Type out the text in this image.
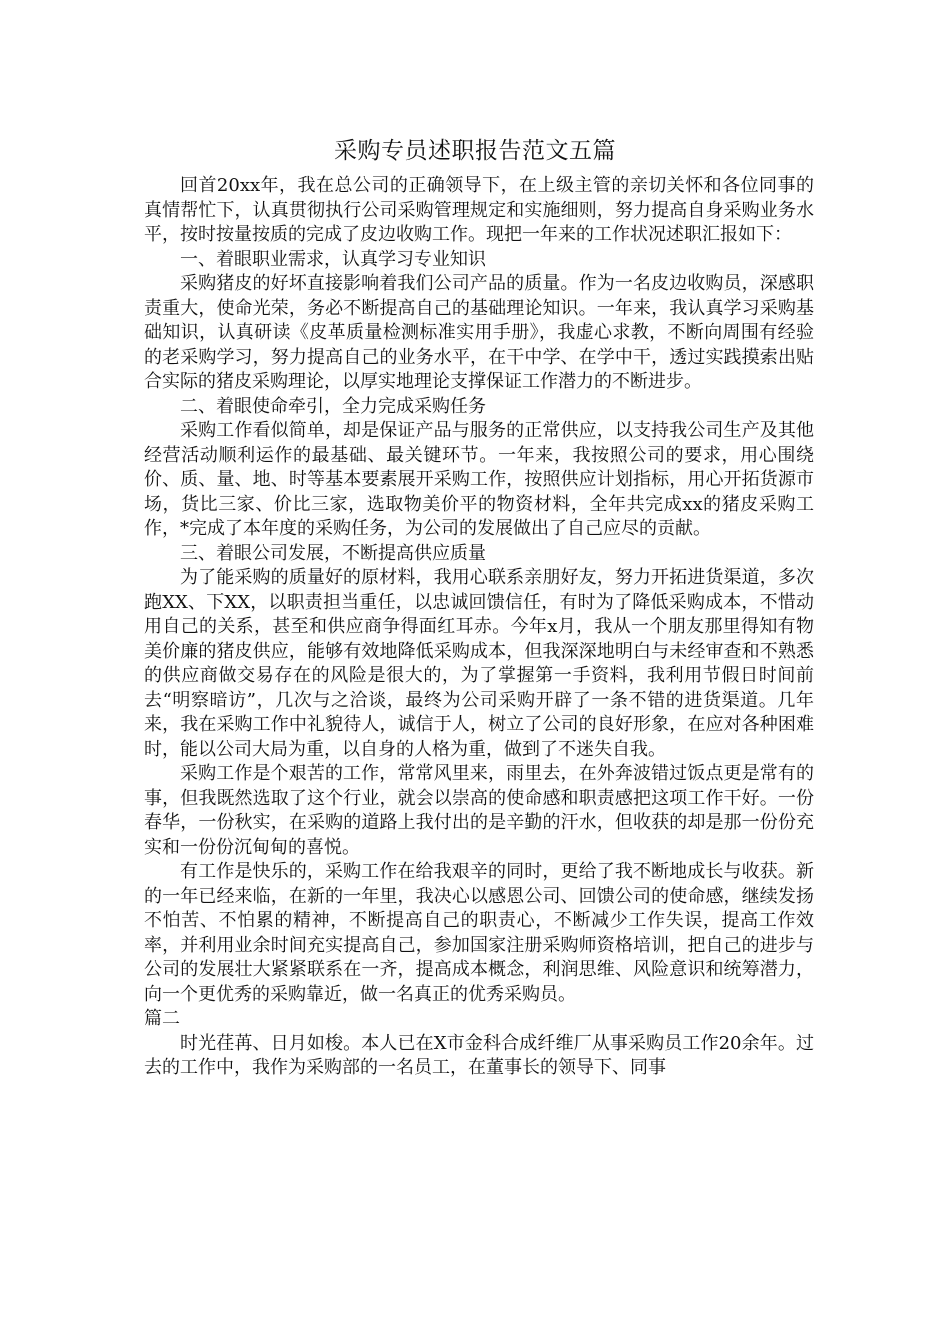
采购专员述职报告范文五篇

回首20xx年，我在总公司的正确领导下，在上级主管的亲切关怀和各位同事的真情帮忙下，认真贯彻执行公司采购管理规定和实施细则，努力提高自身采购业务水平，按时按量按质的完成了皮边收购工作。现把一年来的工作状况述职汇报如下：

一、着眼职业需求，认真学习专业知识

采购猪皮的好坏直接影响着我们公司产品的质量。作为一名皮边收购员，深感职责重大，使命光荣，务必不断提高自己的基础理论知识。一年来，我认真学习采购基础知识，认真研读《皮革质量检测标准实用手册》，我虚心求教，不断向周围有经验的老采购学习，努力提高自己的业务水平，在干中学、在学中干，透过实践摸索出贴合实际的猪皮采购理论，以厚实地理论支撑保证工作潜力的不断进步。

二、着眼使命牵引，全力完成采购任务

采购工作看似简单，却是保证产品与服务的正常供应，以支持我公司生产及其他经营活动顺利运作的最基础、最关键环节。一年来，我按照公司的要求，用心围绕价、质、量、地、时等基本要素展开采购工作，按照供应计划指标，用心开拓货源市场，货比三家、价比三家，选取物美价平的物资材料，全年共完成xx的猪皮采购工作，*完成了本年度的采购任务，为公司的发展做出了自己应尽的贡献。

三、着眼公司发展，不断提高供应质量

为了能采购的质量好的原材料，我用心联系亲朋好友，努力开拓进货渠道，多次跑XX、下XX，以职责担当重任，以忠诚回馈信任，有时为了降低采购成本，不惜动用自己的关系，甚至和供应商争得面红耳赤。今年x月，我从一个朋友那里得知有物美价廉的猪皮供应，能够有效地降低采购成本，但我深深地明白与未经审查和不熟悉的供应商做交易存在的风险是很大的，为了掌握第一手资料，我利用节假日时间前去“明察暗访”，几次与之洽谈，最终为公司采购开辟了一条不错的进货渠道。几年来，我在采购工作中礼貌待人，诚信于人，树立了公司的良好形象，在应对各种困难时，能以公司大局为重，以自身的人格为重，做到了不迷失自我。

采购工作是个艰苦的工作，常常风里来，雨里去，在外奔波错过饭点更是常有的事，但我既然选取了这个行业，就会以崇高的使命感和职责感把这项工作干好。一份春华，一份秋实，在采购的道路上我付出的是辛勤的汗水，但收获的却是那一份份充实和一份份沉甸甸的喜悦。

有工作是快乐的，采购工作在给我艰辛的同时，更给了我不断地成长与收获。新的一年已经来临，在新的一年里，我决心以感恩公司、回馈公司的使命感，继续发扬不怕苦、不怕累的精神，不断提高自己的职责心，不断减少工作失误，提高工作效率，并利用业余时间充实提高自己，参加国家注册采购师资格培训，把自己的进步与公司的发展壮大紧紧联系在一齐，提高成本概念，利润思维、风险意识和统筹潜力，向一个更优秀的采购靠近，做一名真正的优秀采购员。

篇二

时光荏苒、日月如梭。本人已在X市金科合成纤维厂从事采购员工作20余年。过去的工作中，我作为采购部的一名员工，在董事长的领导下、同事
